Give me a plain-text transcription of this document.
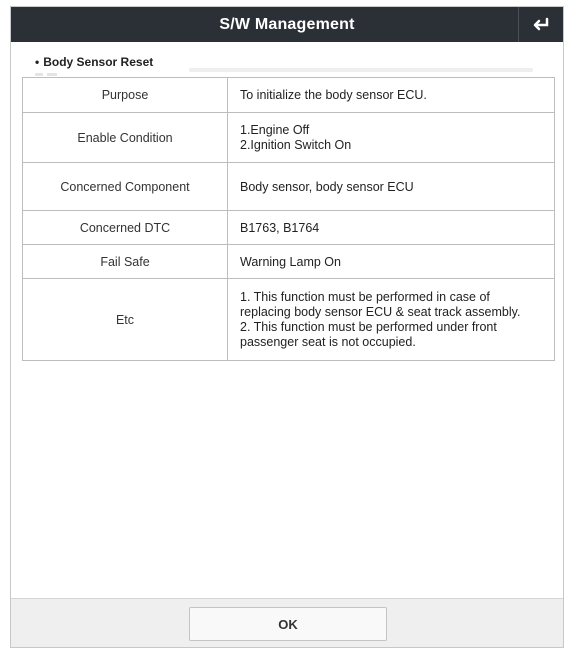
S/W Management
• Body Sensor Reset
Purpose	To initialize the body sensor ECU.
Enable Condition	1.Engine Off
2.Ignition Switch On

Concerned Component	Body sensor, body sensor ECU
Concerned DTC	B1763, B1764
Fail Safe	Warning Lamp On
Etc	1. This function must be performed in case of replacing body sensor ECU & seat track assembly.
2. This function must be performed under front passenger seat is not occupied.
OK
